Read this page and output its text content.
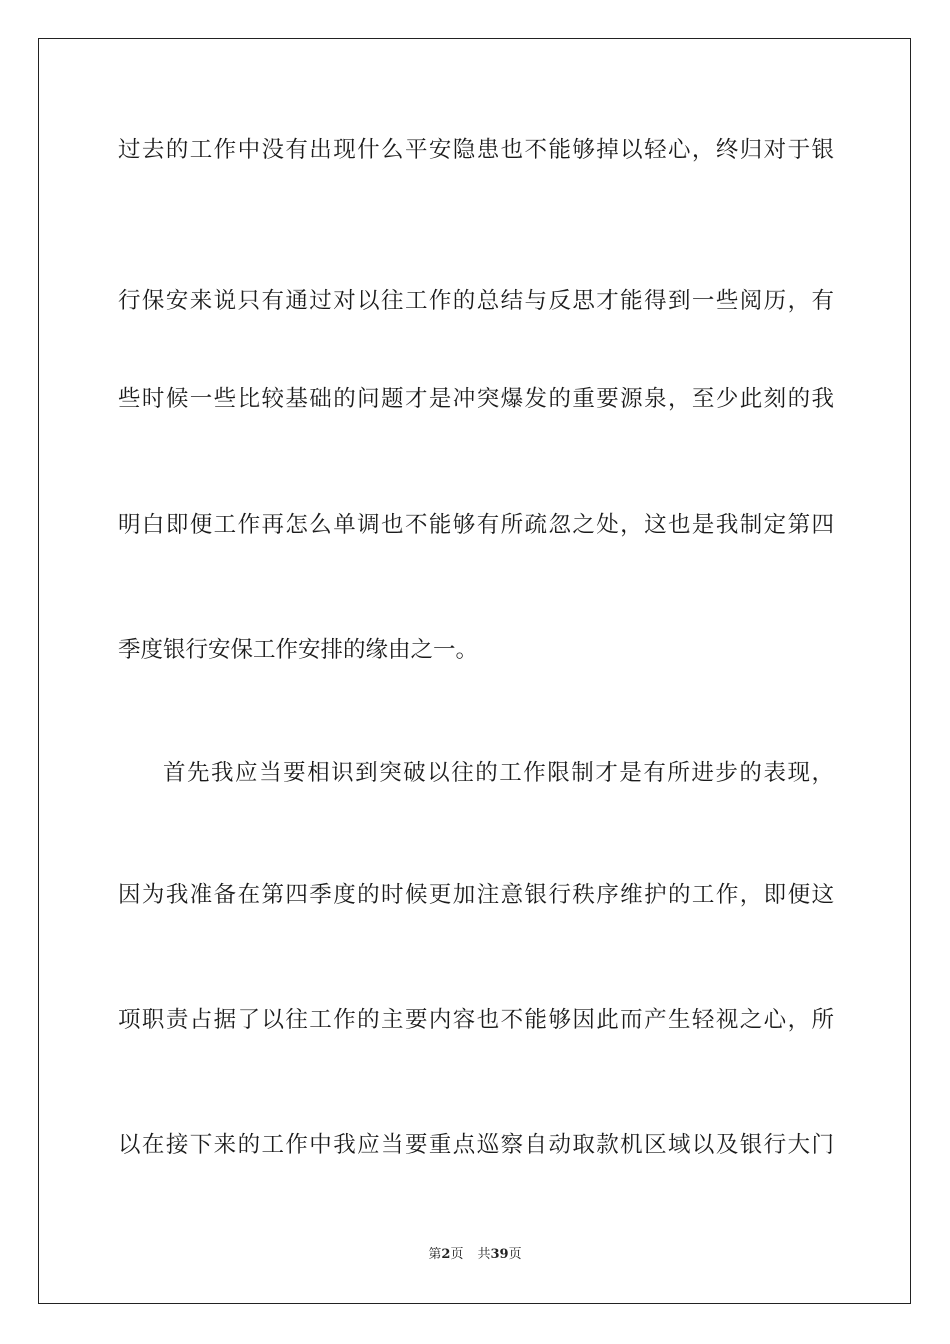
过去的工作中没有出现什么平安隐患也不能够掉以轻心，终归对于银
行保安来说只有通过对以往工作的总结与反思才能得到一些阅历，有
些时候一些比较基础的问题才是冲突爆发的重要源泉，至少此刻的我
明白即便工作再怎么单调也不能够有所疏忽之处，这也是我制定第四
季度银行安保工作安排的缘由之一。
首先我应当要相识到突破以往的工作限制才是有所进步的表现，
因为我准备在第四季度的时候更加注意银行秩序维护的工作，即便这
项职责占据了以往工作的主要内容也不能够因此而产生轻视之心，所
以在接下来的工作中我应当要重点巡察自动取款机区域以及银行大门
第2页 共39页
